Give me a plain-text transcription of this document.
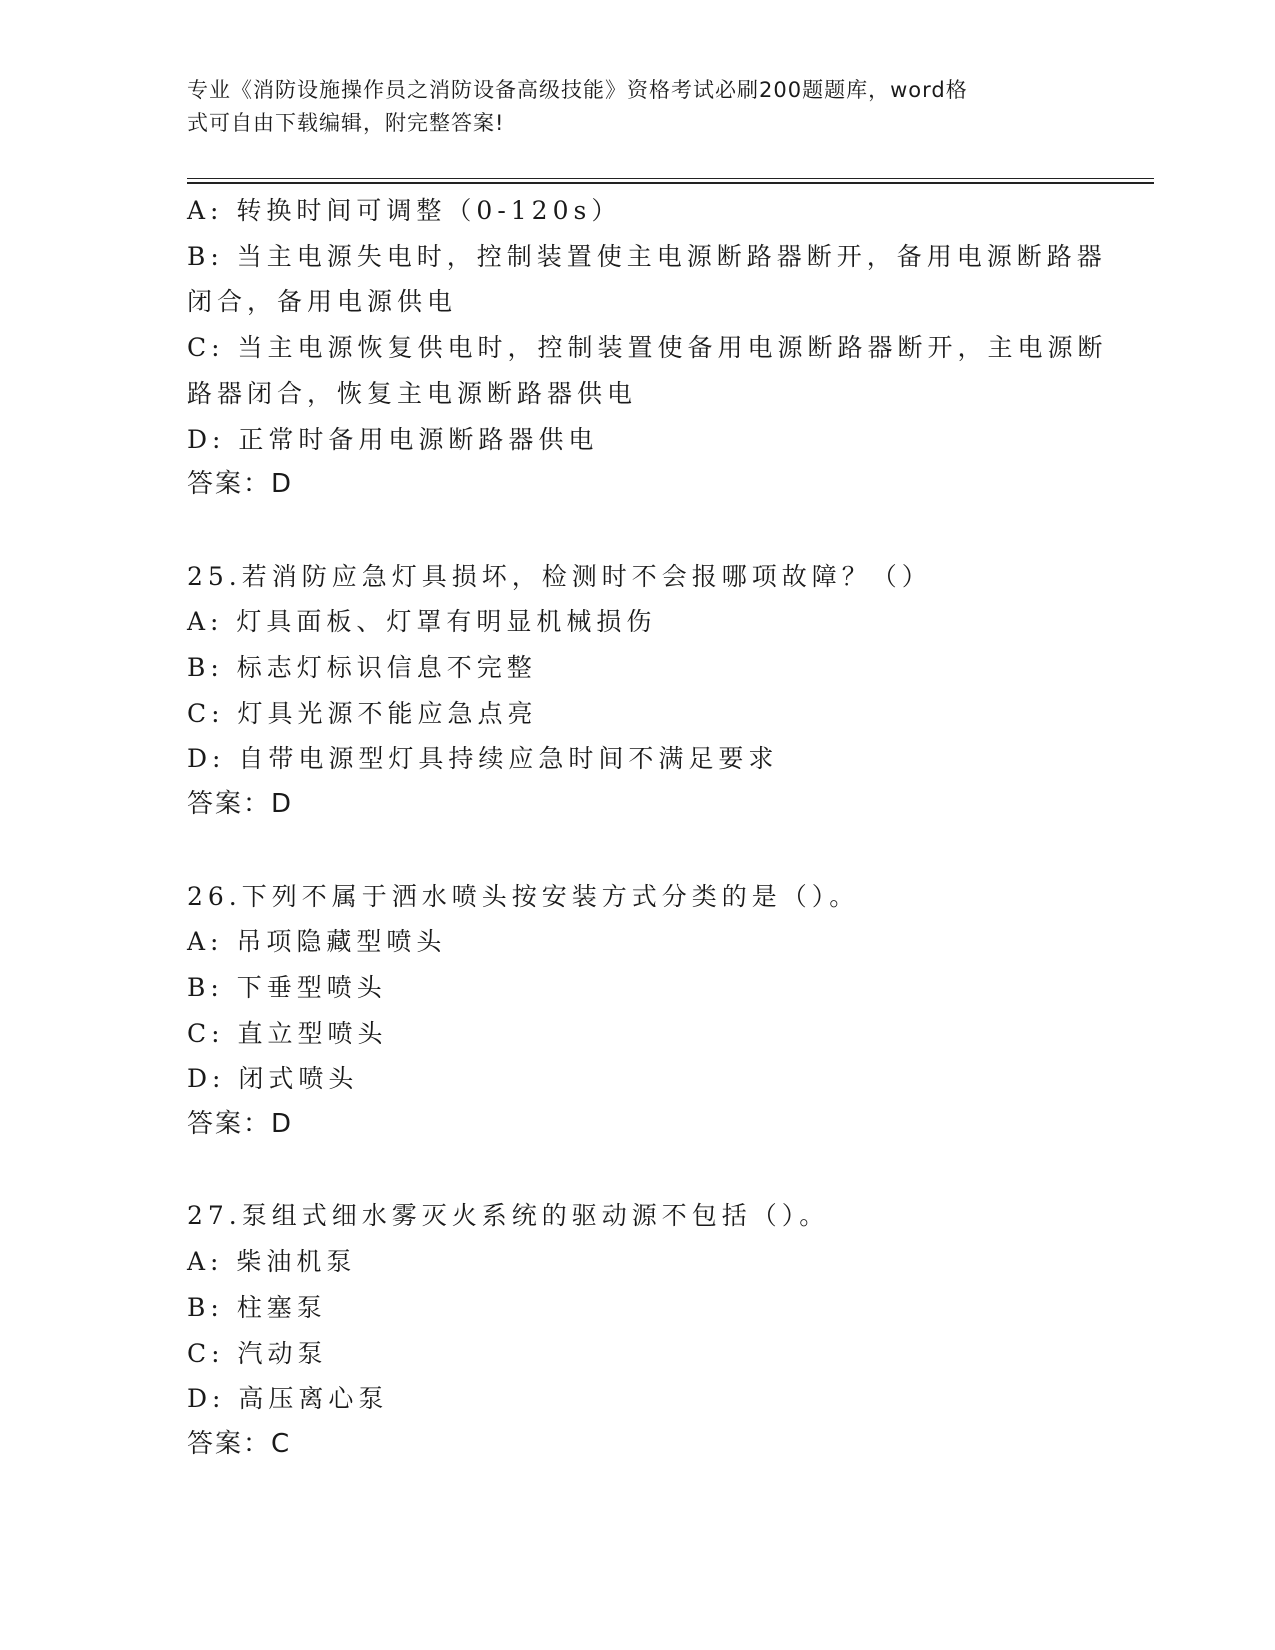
专业《消防设施操作员之消防设备高级技能》资格考试必刷200题题库，word格
式可自由下载编辑，附完整答案!
A: 转换时间可调整（0-120s）
B: 当主电源失电时，控制装置使主电源断路器断开，备用电源断路器
闭合，备用电源供电
C: 当主电源恢复供电时，控制装置使备用电源断路器断开，主电源断
路器闭合，恢复主电源断路器供电
D: 正常时备用电源断路器供电
答案：D
25.若消防应急灯具损坏，检测时不会报哪项故障？（）
A: 灯具面板、灯罩有明显机械损伤
B: 标志灯标识信息不完整
C: 灯具光源不能应急点亮
D: 自带电源型灯具持续应急时间不满足要求
答案：D
26.下列不属于洒水喷头按安装方式分类的是（）。
A: 吊项隐藏型喷头
B: 下垂型喷头
C: 直立型喷头
D: 闭式喷头
答案：D
27.泵组式细水雾灭火系统的驱动源不包括（）。
A: 柴油机泵
B: 柱塞泵
C: 汽动泵
D: 高压离心泵
答案：C
